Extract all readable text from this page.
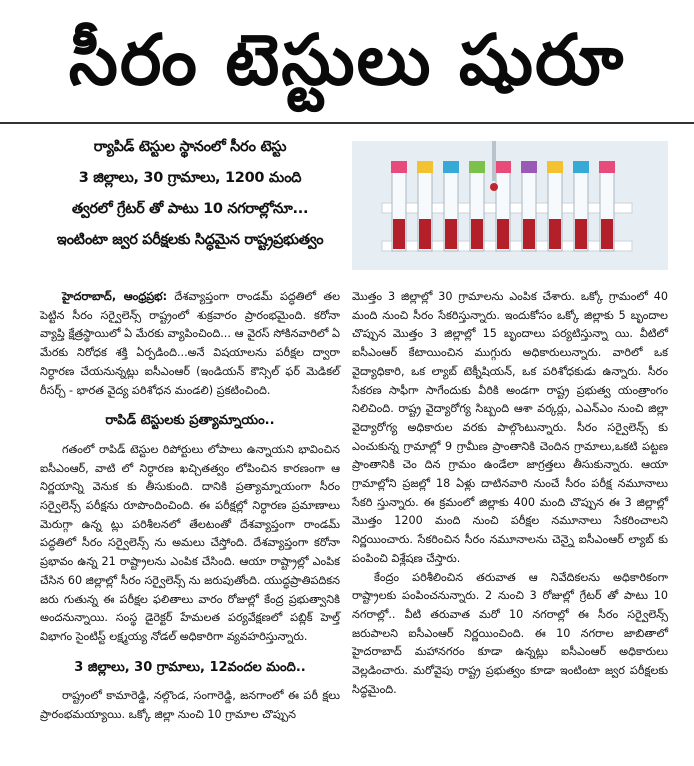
సీరం టెస్టులు షురూ
ర్యాపిడ్ టెస్టుల స్థానంలో సీరం టెస్టు
3 జిల్లాలు, 30 గ్రామాలు, 1200 మంది
త్వరలో గ్రేటర్ తో పాటు 10 నగరాల్లోనూ...
ఇంటింటా జ్వర పరీక్షలకు సిద్ధమైన రాష్ట్రప్రభుత్వం

హైదరాబాద్, ఆంధ్రప్రభ: దేశవ్యాప్తంగా రాండమ్ పద్ధతిలో తల పెట్టిన సీరం సర్వైలెన్స్ రాష్ట్రంలో శుక్రవారం ప్రారంభమైంది. కరోనా వ్యాప్తి క్షేత్రస్థాయిలో ఏ మేరకు వ్యాపించింది... ఆ వైరస్ సోకినవారిలో ఏ మేరకు నిరోధక శక్తి ఏర్పడింది...అనే విషయాలను పరీక్షల ద్వారా నిర్ధారణ చేయనున్నట్లు ఐసీఎంఆర్ (ఇండియన్ కౌన్సిల్ ఫర్ మెడికల్ రీసర్చ్ - భారత వైద్య పరిశోధన మండలి) ప్రకటించింది.

రాపిడ్ టెస్టులకు ప్రత్యామ్నాయం..

గతంలో రాపిడ్ టెస్టుల రిపోర్టులు లోపాలు ఉన్నాయని భావించిన ఐసీఎంఆర్, వాటి లో నిర్ధారణ ఖచ్చితత్వం లోపించిన కారణంగా ఆ నిర్ణయాన్ని వెనుక కు తీసుకుంది. దానికి ప్రత్యామ్నాయంగా సీరం సర్వైలెన్స్ పరీక్షను రూపొందించింది. ఈ పరీక్షల్లో నిర్ధారణ ప్రమాణాలు మెరుగ్గా ఉన్న ట్లు పరిశీలనలో తేలటంతో దేశవ్యాప్తంగా రాండమ్ పద్ధతిలో సీరం సర్వైలెన్స్ ను అమలు చేస్తోంది. దేశవ్యాప్తంగా కరోనా ప్రభావం ఉన్న 21 రాష్ట్రాలను ఎంపిక చేసింది. ఆయా రాష్ట్రాల్లో ఎంపిక చేసిన 60 జిల్లాల్లో సీరం సర్వైలెన్స్ ను జరుపుతోంది. యుద్ధప్రాతిపదికన జరు గుతున్న ఈ పరీక్షల ఫలితాలు వారం రోజుల్లో కేంద్ర ప్రభుత్వానికి అందనున్నాయి. సంస్థ డైరెక్టర్ హేమలత పర్యవేక్షణలో పబ్లిక్ హెల్త్ విభాగం సైంటిస్ట్ లక్ష్మయ్య నోడల్ అధికారిగా వ్యవహరిస్తున్నారు.

3 జిల్లాలు, 30 గ్రామాలు, 12వందల మంది..

రాష్ట్రంలో కామారెడ్డి, నల్గొండ, సంగారెడ్డి, జనగాంలో ఈ పరీ క్షలు ప్రారంభమయ్యాయి. ఒక్కో జిల్లా నుంచి 10 గ్రామాల చొప్పున

మొత్తం 3 జిల్లాల్లో 30 గ్రామాలను ఎంపిక చేశారు. ఒక్కో గ్రామంలో 40 మంది నుంచి సీరం సేకరిస్తున్నారు. ఇందుకోసం ఒక్కో జిల్లాకు 5 బృందాల చొప్పున మొత్తం 3 జిల్లాల్లో 15 బృందాలు పర్యటిస్తున్నా యి. వీటిలో ఐసీఎంఆర్ కేటాయించిన ముగ్గురు అధికారులున్నారు. వారిలో ఒక వైద్యాధికారి, ఒక ల్యాబ్ టెక్నీషియన్, ఒక పరిశోధకుడు ఉన్నారు. సీరం సేకరణ సాఫీగా సాగేందుకు వీరికి అండగా రాష్ట్ర ప్రభుత్వ యంత్రాంగం నిలిచింది. రాష్ట్ర వైద్యారోగ్య సిబ్బంది ఆశా వర్కర్లు, ఎఎన్ఎం నుంచి జిల్లా వైద్యారోగ్య అధికారుల వరకు పాల్గొంటున్నారు. సీరం సర్వైలెన్స్ కు ఎంచుకున్న గ్రామాల్లో 9 గ్రామీణ ప్రాంతానికి చెందిన గ్రామాలు,ఒకటి పట్టణ ప్రాంతానికి చెం దిన గ్రామం ఉండేలా జాగ్రత్తలు తీసుకున్నారు. ఆయా గ్రామాల్లోని ప్రజల్లో 18 ఏళ్లు దాటినవారి నుంచే సీరం పరీక్ష నమూనాలు సేకరి స్తున్నారు. ఈ క్రమంలో జిల్లాకు 400 మంది చొప్పున ఈ 3 జిల్లాల్లో మొత్తం 1200 మంది నుంచి పరీక్షల నమూనాలు సేకరించాలని నిర్ణయించారు. సేకరించిన సీరం నమూనాలను చెన్నై ఐసీఎంఆర్ ల్యాబ్ కు పంపించి విశ్లేషణ చేస్తారు.

కేంద్రం పరిశీలించిన తరువాత ఆ నివేదికలను అధికారికంగా రాష్ట్రాలకు పంపించనున్నారు. 2 నుంచి 3 రోజుల్లో గ్రేటర్ తో పాటు 10 నగరాల్లో.. వీటి తరువాత మరో 10 నగరాల్లో ఈ సీరం సర్వైలెన్స్ జరుపాలని ఐసీఎంఆర్ నిర్ణయించింది. ఈ 10 నగరాల జాబితాలో హైదరాబాద్ మహానగరం కూడా ఉన్నట్లు ఐసీఎంఆర్ అధికారులు వెల్లడించారు. మరోవైపు రాష్ట్ర ప్రభుత్వం కూడా ఇంటింటా జ్వర పరీక్షలకు సిద్ధమైంది.
